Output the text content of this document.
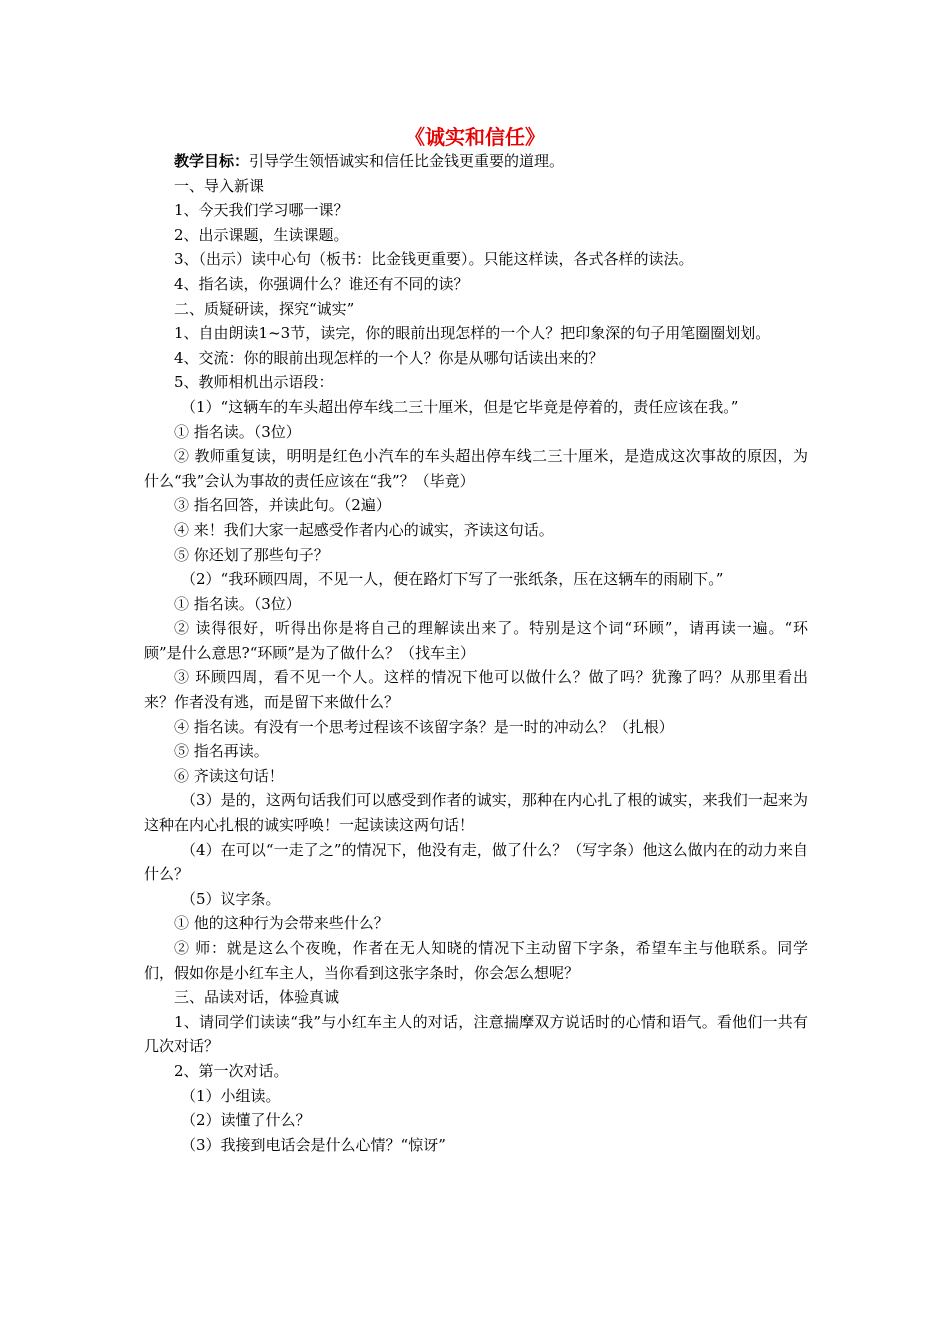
《诚实和信任》

教学目标：引导学生领悟诚实和信任比金钱更重要的道理。

一、导入新课

1、今天我们学习哪一课？

2、出示课题，生读课题。

3、（出示）读中心句（板书：比金钱更重要）。只能这样读，各式各样的读法。

4、指名读，你强调什么？谁还有不同的读？

二、质疑研读，探究“诚实”

1、自由朗读1~3节，读完，你的眼前出现怎样的一个人？把印象深的句子用笔圈圈划划。

4、交流：你的眼前出现怎样的一个人？你是从哪句话读出来的？

5、教师相机出示语段：

（1）“这辆车的车头超出停车线二三十厘米，但是它毕竟是停着的，责任应该在我。”

① 指名读。（3位）

② 教师重复读，明明是红色小汽车的车头超出停车线二三十厘米，是造成这次事故的原因，为什么“我”会认为事故的责任应该在“我”？（毕竟）

③ 指名回答，并读此句。（2遍）

④ 来！我们大家一起感受作者内心的诚实，齐读这句话。

⑤ 你还划了那些句子？

（2）“我环顾四周，不见一人，便在路灯下写了一张纸条，压在这辆车的雨刷下。”

① 指名读。（3位）

② 读得很好，听得出你是将自己的理解读出来了。特别是这个词“环顾”，请再读一遍。“环顾”是什么意思?“环顾”是为了做什么？（找车主）

③ 环顾四周，看不见一个人。这样的情况下他可以做什么？做了吗？犹豫了吗？从那里看出来？作者没有逃，而是留下来做什么？

④ 指名读。有没有一个思考过程该不该留字条？是一时的冲动么？（扎根）

⑤ 指名再读。

⑥ 齐读这句话！

（3）是的，这两句话我们可以感受到作者的诚实，那种在内心扎了根的诚实，来我们一起来为这种在内心扎根的诚实呼唤！一起读读这两句话！

（4）在可以“一走了之”的情况下，他没有走，做了什么？（写字条）他这么做内在的动力来自什么？

（5）议字条。

① 他的这种行为会带来些什么？

② 师：就是这么个夜晚，作者在无人知晓的情况下主动留下字条，希望车主与他联系。同学们，假如你是小红车主人，当你看到这张字条时，你会怎么想呢？

三、品读对话，体验真诚

1、请同学们读读“我”与小红车主人的对话，注意揣摩双方说话时的心情和语气。看他们一共有几次对话？

2、第一次对话。

（1）小组读。

（2）读懂了什么？

（3）我接到电话会是什么心情？“惊讶”
